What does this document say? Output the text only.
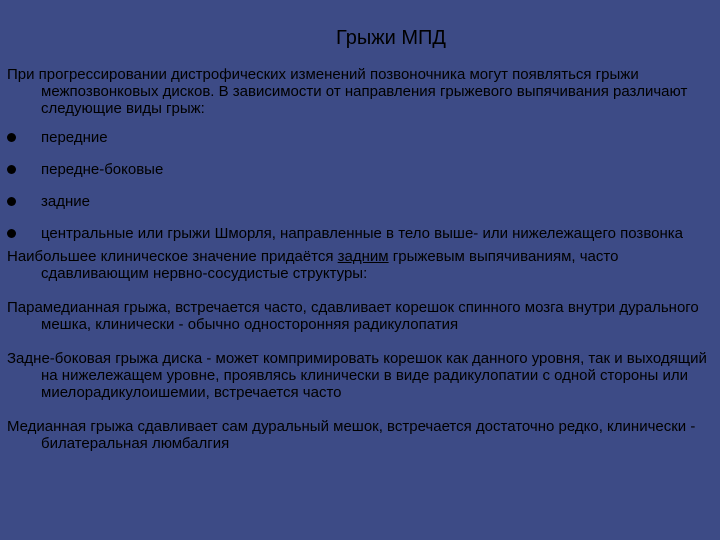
Грыжи МПД

При прогрессировании дистрофических изменений позвоночника могут появляться грыжи межпозвонковых дисков. В зависимости от направления грыжевого выпячивания различают следующие виды грыж:

передние
передне-боковые
задние
центральные или грыжи Шморля, направленные в тело выше- или нижележащего позвонка

Наибольшее клиническое значение придаётся задним грыжевым выпячиваниям, часто сдавливающим нервно-сосудистые структуры:

Парамедианная грыжа, встречается часто, сдавливает корешок спинного мозга внутри дурального мешка, клинически - обычно односторонняя радикулопатия

Задне-боковая грыжа диска - может компримировать корешок как данного уровня, так и выходящий на нижележащем уровне, проявлясь клинически в виде радикулопатии с одной стороны или миелорадикулоишемии, встречается часто

Медианная грыжа сдавливает сам дуральный мешок, встречается достаточно редко, клинически - билатеральная люмбалгия
